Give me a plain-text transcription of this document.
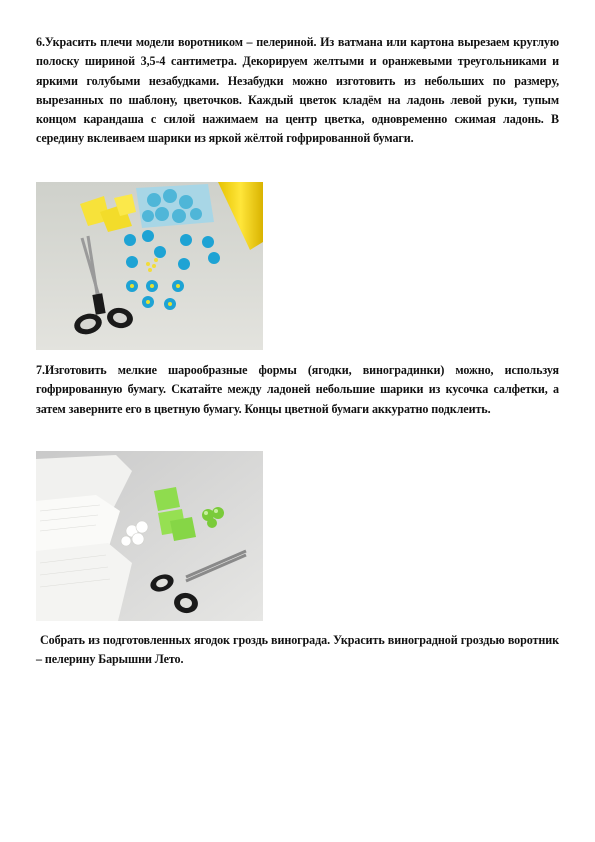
6.Украсить плечи модели воротником – пелериной. Из ватмана или картона вырезаем круглую полоску шириной 3,5-4 сантиметра. Декорируем желтыми и оранжевыми треугольниками и яркими голубыми незабудками. Незабудки можно изготовить из небольших по размеру, вырезанных по шаблону, цветочков. Каждый цветок кладём на ладонь левой руки, тупым концом карандаша с силой нажимаем на центр цветка, одновременно сжимая ладонь. В середину вклеиваем шарики из яркой жёлтой гофрированной бумаги.
7.Изготовить мелкие шарообразные формы (ягодки, виноградинки) можно, используя гофрированную бумагу. Скатайте между ладоней небольшие шарики из кусочка салфетки, а затем заверните его в цветную бумагу. Концы цветной бумаги аккуратно подклеить.
Собрать из подготовленных ягодок гроздь винограда. Украсить виноградной гроздью воротник – пелерину Барышни Лето.
